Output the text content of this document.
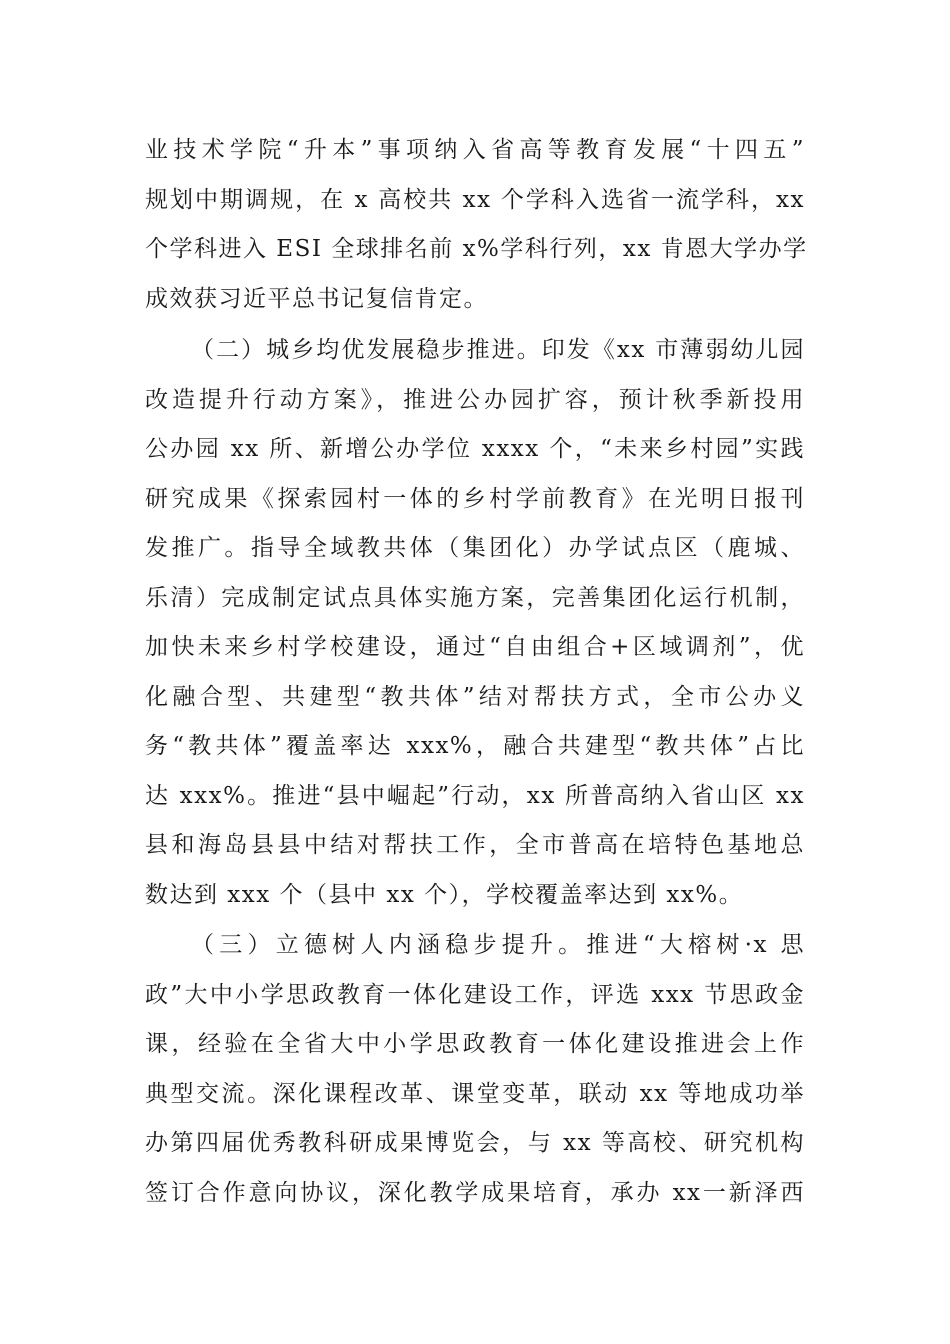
业技术学院“升本”事项纳入省高等教育发展“十四五”
规划中期调规，在 x 高校共 xx 个学科入选省一流学科，xx
个学科进入 ESI 全球排名前 x%学科行列，xx 肯恩大学办学
成效获习近平总书记复信肯定。
（二）城乡均优发展稳步推进。印发《xx 市薄弱幼儿园
改造提升行动方案》，推进公办园扩容，预计秋季新投用
公办园 xx 所、新增公办学位 xxxx 个，“未来乡村园”实践
研究成果《探索园村一体的乡村学前教育》在光明日报刊
发推广。指导全域教共体（集团化）办学试点区（鹿城、
乐清）完成制定试点具体实施方案，完善集团化运行机制，
加快未来乡村学校建设，通过“自由组合+区域调剂”，优
化融合型、共建型“教共体”结对帮扶方式，全市公办义
务“教共体”覆盖率达 xxx%，融合共建型“教共体”占比
达 xxx%。推进“县中崛起”行动，xx 所普高纳入省山区 xx
县和海岛县县中结对帮扶工作，全市普高在培特色基地总
数达到 xxx 个（县中 xx 个），学校覆盖率达到 xx%。
（三）立德树人内涵稳步提升。推进“大榕树·x 思
政”大中小学思政教育一体化建设工作，评选 xxx 节思政金
课，经验在全省大中小学思政教育一体化建设推进会上作
典型交流。深化课程改革、课堂变革，联动 xx 等地成功举
办第四届优秀教科研成果博览会，与 xx 等高校、研究机构
签订合作意向协议，深化教学成果培育，承办 xx一新泽西
